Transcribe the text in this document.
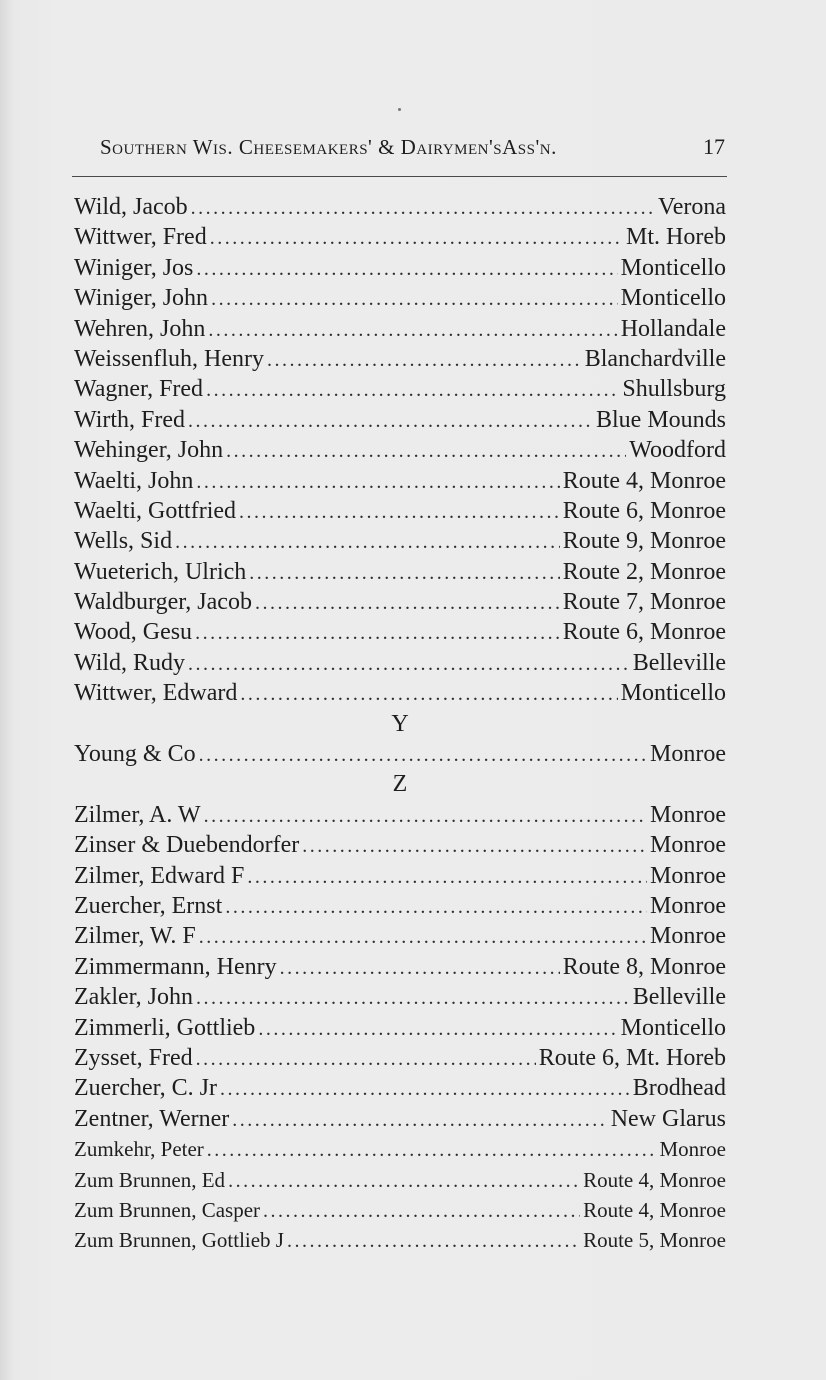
Southern Wis. Cheesemakers' & Dairymen'sAss'n.	17
Wild, Jacob .....	Verona
Wittwer, Fred .....	Mt. Horeb
Winiger, Jos .....	Monticello
Winiger, John .....	Monticello
Wehren, John .....	Hollandale
Weissenfluh, Henry .....	Blanchardville
Wagner, Fred .....	Shullsburg
Wirth, Fred .....	Blue Mounds
Wehinger, John .....	Woodford
Waelti, John .....	Route 4, Monroe
Waelti, Gottfried .....	Route 6, Monroe
Wells, Sid .....	Route 9, Monroe
Wueterich, Ulrich .....	Route 2, Monroe
Waldburger, Jacob .....	Route 7, Monroe
Wood, Gesu .....	Route 6, Monroe
Wild, Rudy .....	Belleville
Wittwer, Edward .....	Monticello
Y
Young & Co .....	Monroe
Z
Zilmer, A. W .....	Monroe
Zinser & Duebendorfer .....	Monroe
Zilmer, Edward F .....	Monroe
Zuercher, Ernst .....	Monroe
Zilmer, W. F .....	Monroe
Zimmermann, Henry .....	Route 8, Monroe
Zakler, John .....	Belleville
Zimmerli, Gottlieb .....	Monticello
Zysset, Fred .....	Route 6, Mt. Horeb
Zuercher, C. Jr .....	Brodhead
Zentner, Werner .....	New Glarus
Zumkehr, Peter .....	Monroe
Zum Brunnen, Ed .....	Route 4, Monroe
Zum Brunnen, Casper .....	Route 4, Monroe
Zum Brunnen, Gottlieb J .....	Route 5, Monroe
